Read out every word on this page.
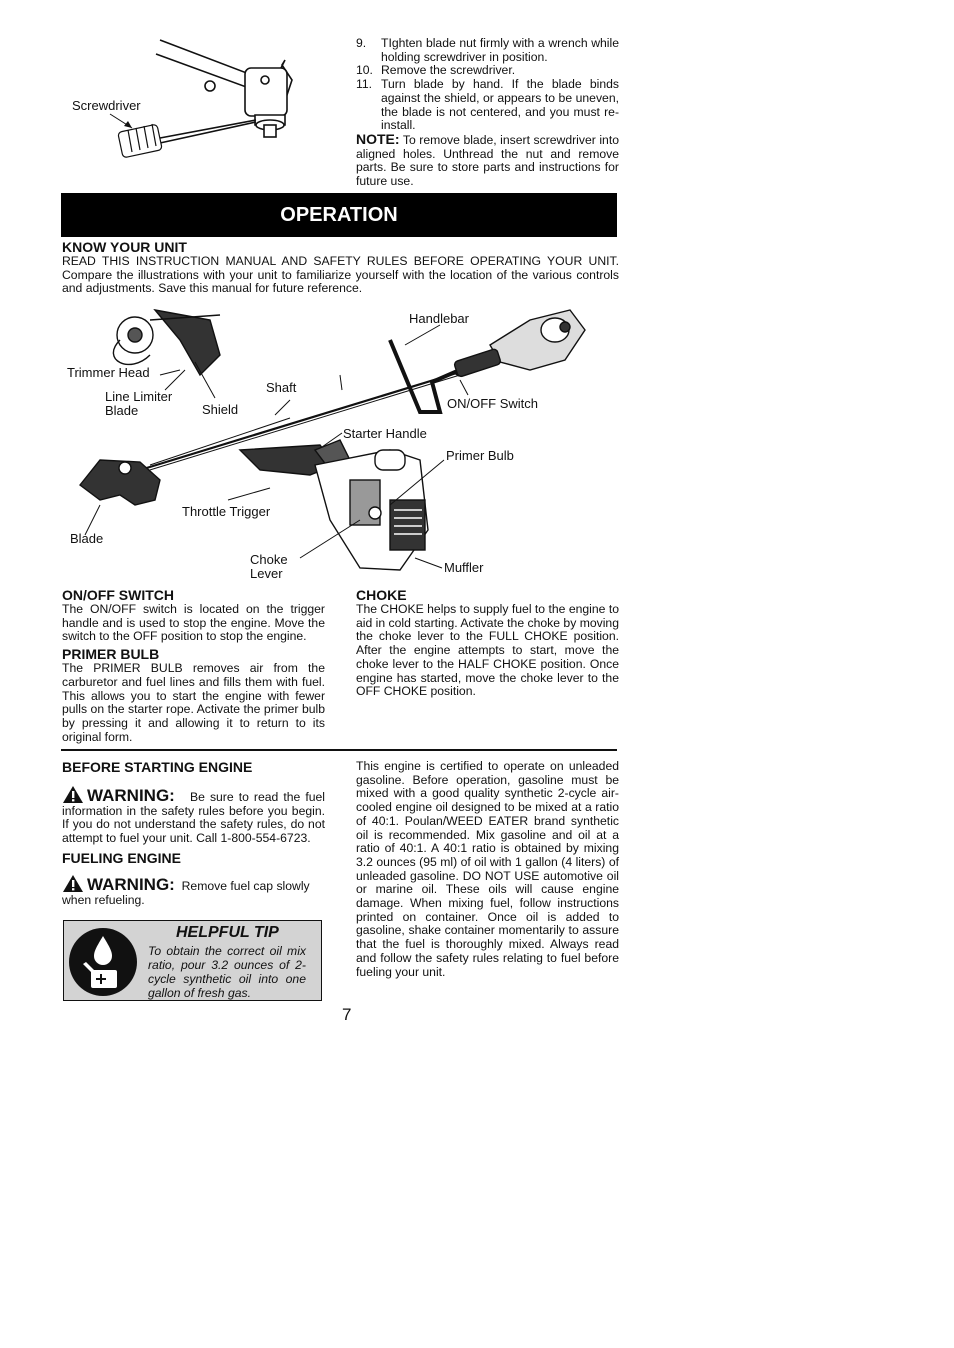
Screwdriver
9. TIghten blade nut firmly with a wrench while holding screwdriver in position.
10. Remove the screwdriver.
11. Turn blade by hand. If the blade binds against the shield, or appears to be uneven, the blade is not centered, and you must re-install.
NOTE: To remove blade, insert screwdriver into aligned holes. Unthread the nut and remove parts. Be sure to store parts and instructions for future use.
OPERATION
KNOW YOUR UNIT
READ THIS INSTRUCTION MANUAL AND SAFETY RULES BEFORE OPERATING YOUR UNIT. Compare the illustrations with your unit to familiarize yourself with the location of the various controls and adjustments. Save this manual for future reference.
Handlebar
Trimmer Head
Shaft
Line Limiter
Blade	Shield	ON/OFF Switch
Starter Handle
Primer Bulb
Throttle Trigger
Blade
Choke
Lever	Muffler
ON/OFF SWITCH
The ON/OFF switch is located on the trigger handle and is used to stop the engine. Move the switch to the OFF position to stop the engine.
PRIMER BULB
The PRIMER BULB removes air from the carburetor and fuel lines and fills them with fuel. This allows you to start the engine with fewer pulls on the starter rope. Activate the primer bulb by pressing it and allowing it to return to its original form.
CHOKE
The CHOKE helps to supply fuel to the engine to aid in cold starting. Activate the choke by moving the choke lever to the FULL CHOKE position. After the engine attempts to start, move the choke lever to the HALF CHOKE position. Once engine has started, move the choke lever to the OFF CHOKE position.
BEFORE STARTING ENGINE
WARNING: Be sure to read the fuel information in the safety rules before you begin. If you do not understand the safety rules, do not attempt to fuel your unit. Call 1-800-554-6723.
FUELING ENGINE
WARNING: Remove fuel cap slowly when refueling.
HELPFUL TIP
To obtain the correct oil mix ratio, pour 3.2 ounces of 2-cycle synthetic oil into one gallon of fresh gas.
This engine is certified to operate on unleaded gasoline. Before operation, gasoline must be mixed with a good quality synthetic 2-cycle air-cooled engine oil designed to be mixed at a ratio of 40:1. Poulan/WEED EATER brand synthetic oil is recommended. Mix gasoline and oil at a ratio of 40:1. A 40:1 ratio is obtained by mixing 3.2 ounces (95 ml) of oil with 1 gallon (4 liters) of unleaded gasoline. DO NOT USE automotive oil or marine oil. These oils will cause engine damage. When mixing fuel, follow instructions printed on container. Once oil is added to gasoline, shake container momentarily to assure that the fuel is thoroughly mixed. Always read and follow the safety rules relating to fuel before fueling your unit.
7
